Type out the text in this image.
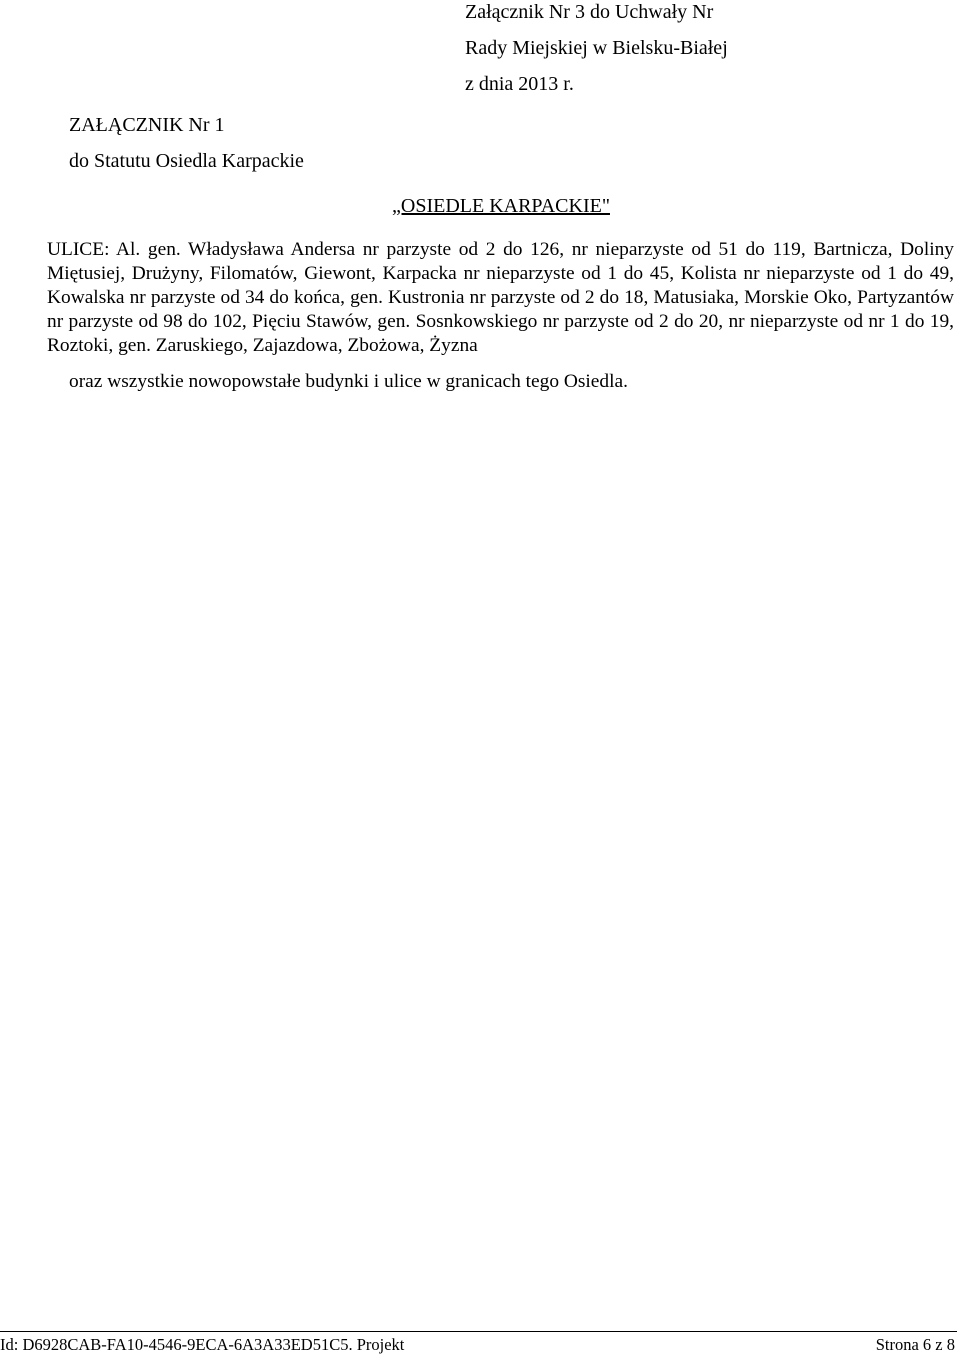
Załącznik Nr 3 do Uchwały Nr
Rady Miejskiej w Bielsku-Białej
z dnia 2013 r.
ZAŁĄCZNIK Nr 1
do Statutu Osiedla Karpackie
„OSIEDLE KARPACKIE"

ULICE: Al. gen. Władysława Andersa nr parzyste od 2 do 126, nr nieparzyste od 51 do 119, Bartnicza, Doliny Miętusiej, Drużyny, Filomatów, Giewont, Karpacka nr nieparzyste od 1 do 45, Kolista nr nieparzyste od 1 do 49, Kowalska nr parzyste od 34 do końca, gen. Kustronia nr parzyste od 2 do 18, Matusiaka, Morskie Oko, Partyzantów nr parzyste od 98 do 102, Pięciu Stawów, gen. Sosnkowskiego nr parzyste od 2 do 20, nr nieparzyste od nr 1 do 19, Roztoki, gen. Zaruskiego, Zajazdowa, Zbożowa, Żyzna

oraz wszystkie nowopowstałe budynki i ulice w granicach tego Osiedla.

Id: D6928CAB-FA10-4546-9ECA-6A3A33ED51C5. Projekt	Strona 6 z 8
